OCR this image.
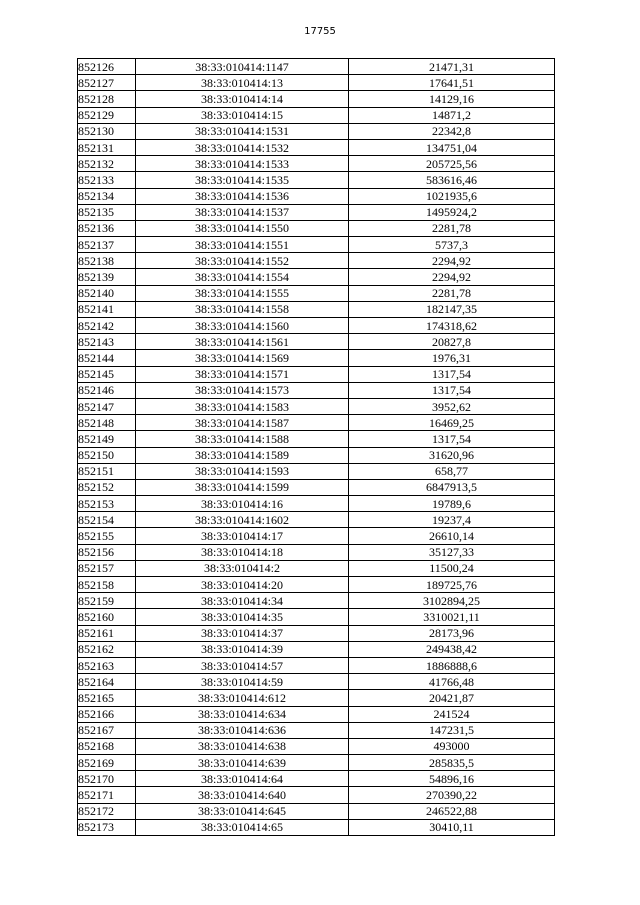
17755
852126	38:33:010414:1147	21471,31
852127	38:33:010414:13	17641,51
852128	38:33:010414:14	14129,16
852129	38:33:010414:15	14871,2
852130	38:33:010414:1531	22342,8
852131	38:33:010414:1532	134751,04
852132	38:33:010414:1533	205725,56
852133	38:33:010414:1535	583616,46
852134	38:33:010414:1536	1021935,6
852135	38:33:010414:1537	1495924,2
852136	38:33:010414:1550	2281,78
852137	38:33:010414:1551	5737,3
852138	38:33:010414:1552	2294,92
852139	38:33:010414:1554	2294,92
852140	38:33:010414:1555	2281,78
852141	38:33:010414:1558	182147,35
852142	38:33:010414:1560	174318,62
852143	38:33:010414:1561	20827,8
852144	38:33:010414:1569	1976,31
852145	38:33:010414:1571	1317,54
852146	38:33:010414:1573	1317,54
852147	38:33:010414:1583	3952,62
852148	38:33:010414:1587	16469,25
852149	38:33:010414:1588	1317,54
852150	38:33:010414:1589	31620,96
852151	38:33:010414:1593	658,77
852152	38:33:010414:1599	6847913,5
852153	38:33:010414:16	19789,6
852154	38:33:010414:1602	19237,4
852155	38:33:010414:17	26610,14
852156	38:33:010414:18	35127,33
852157	38:33:010414:2	11500,24
852158	38:33:010414:20	189725,76
852159	38:33:010414:34	3102894,25
852160	38:33:010414:35	3310021,11
852161	38:33:010414:37	28173,96
852162	38:33:010414:39	249438,42
852163	38:33:010414:57	1886888,6
852164	38:33:010414:59	41766,48
852165	38:33:010414:612	20421,87
852166	38:33:010414:634	241524
852167	38:33:010414:636	147231,5
852168	38:33:010414:638	493000
852169	38:33:010414:639	285835,5
852170	38:33:010414:64	54896,16
852171	38:33:010414:640	270390,22
852172	38:33:010414:645	246522,88
852173	38:33:010414:65	30410,11
